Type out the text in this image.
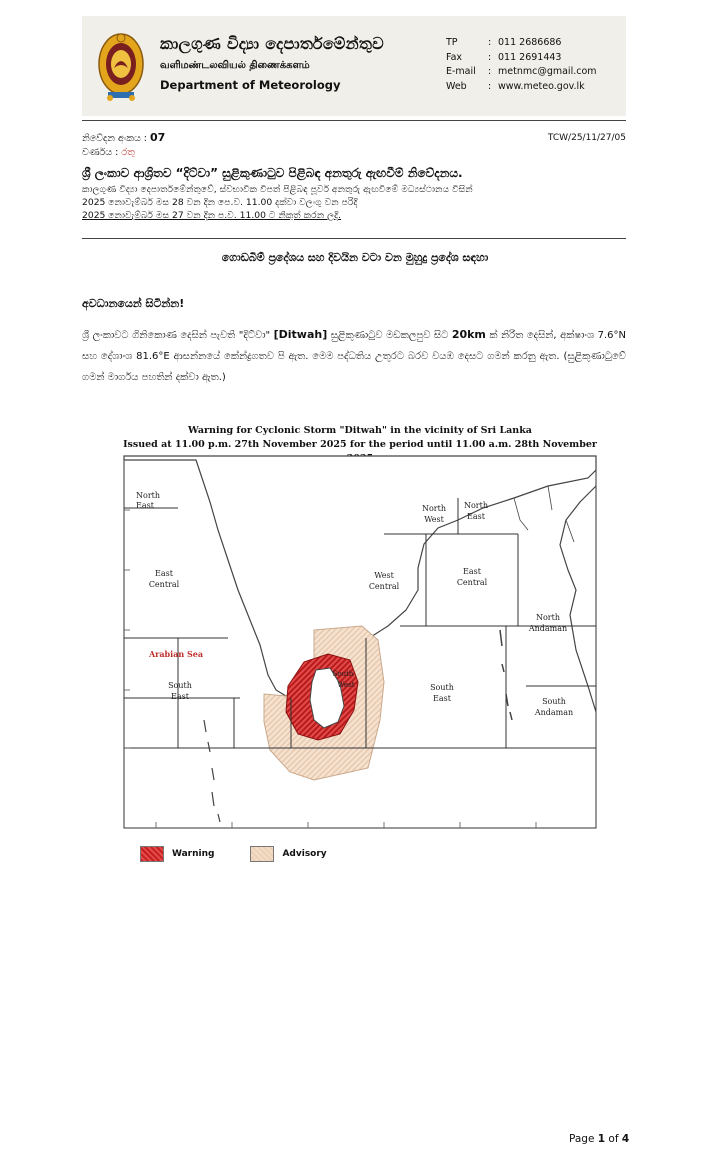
කාලගුණ විද්‍යා දෙපාර්තමේන්තුව
வளிமண்டலவியல் திணைக்களம்
Department of Meteorology
TP	: 011 2686686
Fax	: 011 2691443
E-mail	: metnmc@gmail.com
Web	: www.meteo.gov.lk
නිවේදන අංකය : 07
වර්ණය : රතු
TCW/25/11/27/05
ශ්‍රී ලංකාව ආශ්‍රිතව “දිට්වා” සුළිකුණාටුව පිළිබඳ අනතුරු ඇඟවීම් නිවේදනය.
කාලගුණ විද්‍යා දෙපාර්තමේන්තුවේ, ස්වභාවික විපත් පිළිබඳ පූර්ව අනතුරු ඇඟවීමේ මධ්‍යස්ථානය විසින්
2025 නොවැම්බර් මස 28 වන දින පෙ.ව. 11.00 දක්වා වලංගු වන පරිදි
2025 නොවැම්බර් මස 27 වන දින ප.ව. 11.00 ට නිකුත් කරන ලදි.
ගොඩබිම් ප්‍රදේශය සහ දිවයින වටා වන මුහුදු ප්‍රදේශ සඳහා
අවධානයෙන් සිටින්න!
ශ්‍රී ලංකාවට ගිනිකොණ දෙසින් පැවති "දිට්වා" [Ditwah] සුළිකුණාටුව මඩකලපුව සිට 20km ක් නිරිත දෙසින්, අක්ෂාංශ 7.6°N සහ දේශාංශ 81.6°E ආසන්නයේ කේන්ද්‍රගතව පි ඇත. මෙම පද්ධතිය උතුරට බරව වයඹ දෙසට ගමන් කරනු ඇත. (සුළිකුණාටුවේ ගමන් මාර්ගය පහතින් දක්වා ඇත.)
Warning for Cyclonic Storm "Ditwah" in the vicinity of Sri Lanka
Issued at 11.00 p.m. 27th November 2025 for the period until 11.00 a.m. 28th November
North
East
East
Central
Arabian Sea
South
East
North
West
North
East
West
Central
East
Central
North
Andaman
South
West	South
East	South
Andaman
Warning	Advisory
Page 1 of 4
